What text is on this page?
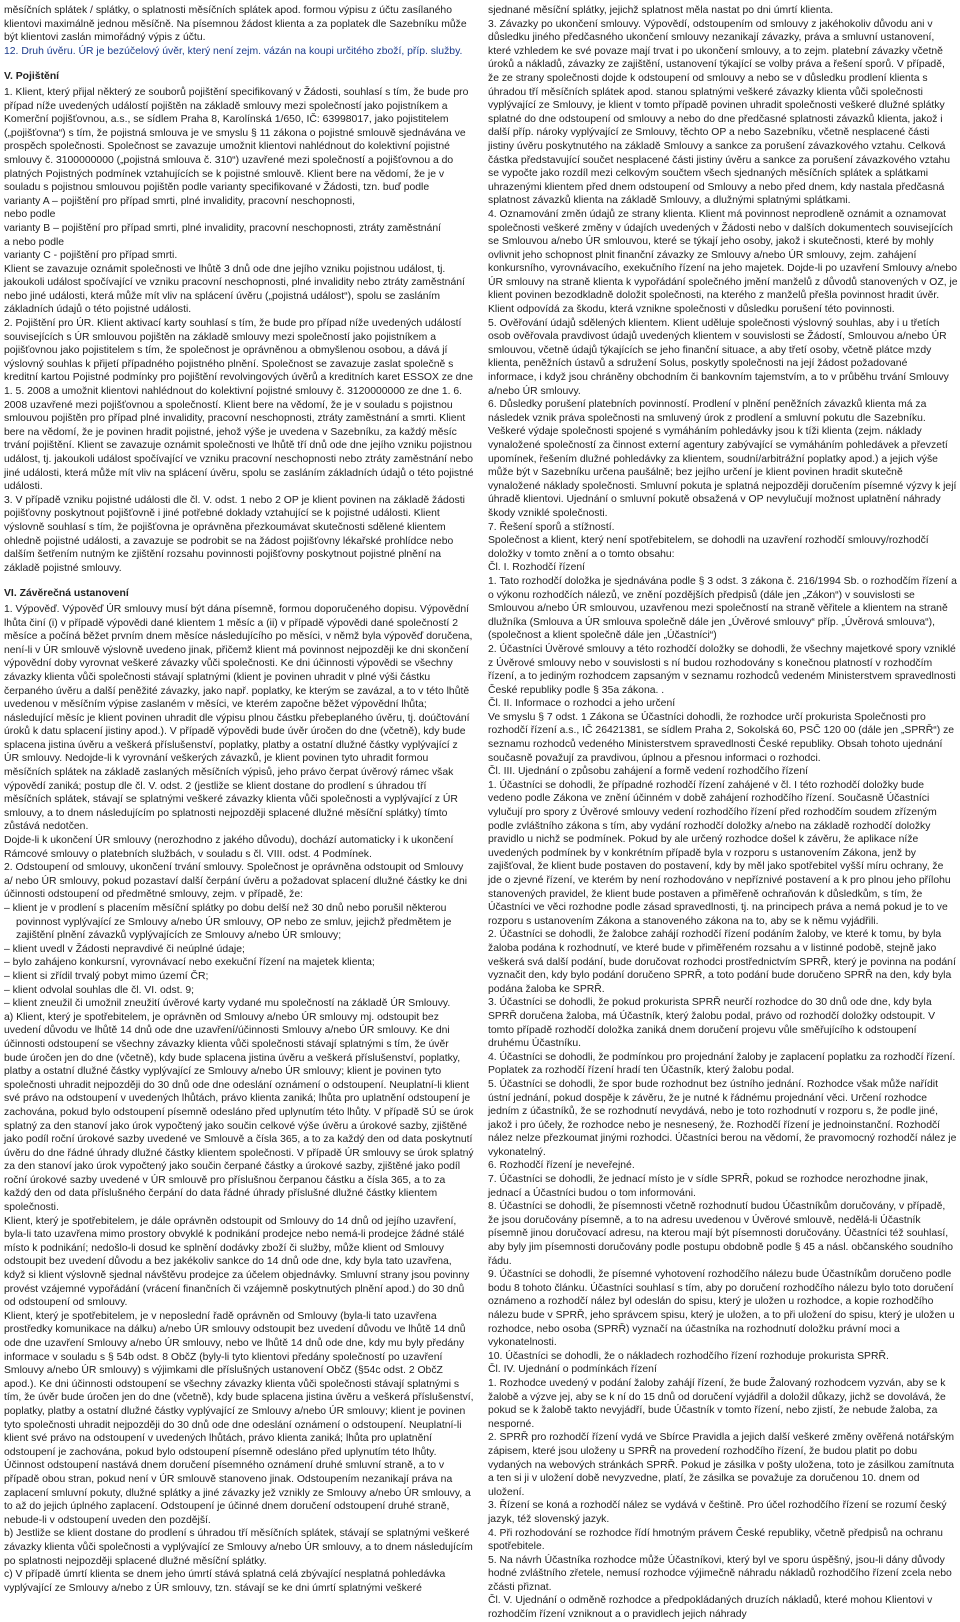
měsíčních splátek / splátky, o splatnosti měsíčních splátek apod. formou výpisu z účtu zasílaného klientovi maximálně jednou měsíčně. Na písemnou žádost klienta a za poplatek dle Sazebníku může být klientovi zaslán mimořádný výpis z účtu.

12. Druh úvěru. ÚR je bezúčelový úvěr, který není zejm. vázán na koupi určitého zboží, příp. služby.

V. Pojištění

1. Klient, který přijal některý ze souborů pojištění specifikovaný v Žádosti, souhlasí s tím, že bude pro případ níže uvedených událostí pojištěn na základě smlouvy mezi společností jako pojistníkem a Komerční pojišťovnou, a.s., se sídlem Praha 8, Karolínská 1/650, IČ: 63998017, jako pojistitelem („pojišťovna“) s tím, že pojistná smlouva je ve smyslu § 11 zákona o pojistné smlouvě sjednávána ve prospěch společnosti. Společnost se zavazuje umožnit klientovi nahlédnout do kolektivní pojistné smlouvy č. 3100000000 („pojistná smlouva č. 310“) uzavřené mezi společností a pojišťovnou a do platných Pojistných podmínek vztahujících se k pojistné smlouvě. Klient bere na vědomí, že je v souladu s pojistnou smlouvou pojištěn podle varianty specifikované v Žádosti, tzn. buď podle

varianty A – pojištění pro případ smrti, plné invalidity, pracovní neschopnosti,

nebo podle

varianty B – pojištění pro případ smrti, plné invalidity, pracovní neschopnosti, ztráty zaměstnání

a nebo podle

varianty C - pojištění pro případ smrti.

Klient se zavazuje oznámit společnosti ve lhůtě 3 dnů ode dne jejího vzniku pojistnou událost, tj. jakoukoli událost spočívající ve vzniku pracovní neschopnosti, plné invalidity nebo ztráty zaměstnání nebo jiné události, která může mít vliv na splácení úvěru („pojistná událost“), spolu se zasláním základních údajů o této pojistné události.

2. Pojištění pro ÚR. Klient aktivací karty souhlasí s tím, že bude pro případ níže uvedených událostí souvisejících s ÚR smlouvou pojištěn na základě smlouvy mezi společností jako pojistníkem a pojišťovnou jako pojistitelem s tím, že společnost je oprávněnou a obmyšlenou osobou, a dává jí výslovný souhlas k přijetí případného pojistného plnění. Společnost se zavazuje zaslat společně s kreditní kartou Pojistné podmínky pro pojištění revolvingových úvěrů a kreditních karet ESSOX ze dne 1. 5. 2008 a umožnit klientovi nahlédnout do kolektivní pojistné smlouvy č. 3120000000 ze dne 1. 6. 2008 uzavřené mezi pojišťovnou a společností. Klient bere na vědomí, že je v souladu s pojistnou smlouvou pojištěn pro případ plné invalidity, pracovní neschopnosti, ztráty zaměstnání a smrti. Klient bere na vědomí, že je povinen hradit pojistné, jehož výše je uvedena v Sazebníku, za každý měsíc trvání pojištění. Klient se zavazuje oznámit společnosti ve lhůtě tří dnů ode dne jejího vzniku pojistnou událost, tj. jakoukoli událost spočívající ve vzniku pracovní neschopnosti nebo ztráty zaměstnání nebo jiné události, která může mít vliv na splácení úvěru, spolu se zasláním základních údajů o této pojistné události.

3. V případě vzniku pojistné události dle čl. V. odst. 1 nebo 2 OP je klient povinen na základě žádosti pojišťovny poskytnout pojišťovně i jiné potřebné doklady vztahující se k pojistné události. Klient výslovně souhlasí s tím, že pojišťovna je oprávněna přezkoumávat skutečnosti sdělené klientem ohledně pojistné události, a zavazuje se podrobit se na žádost pojišťovny lékařské prohlídce nebo dalším šetřením nutným ke zjištění rozsahu povinnosti pojišťovny poskytnout pojistné plnění na základě pojistné smlouvy.

VI. Závěrečná ustanovení

1. Výpověď. Výpověď ÚR smlouvy musí být dána písemně, formou doporučeného dopisu. Výpovědní lhůta činí (i) v případě výpovědi dané klientem 1 měsíc a (ii) v případě výpovědi dané společností 2 měsíce a počíná běžet prvním dnem měsíce následujícího po měsíci, v němž byla výpověď doručena, není-li v ÚR smlouvě výslovně uvedeno jinak, přičemž klient má povinnost nejpozději ke dni skončení výpovědní doby vyrovnat veškeré závazky vůči společnosti. Ke dni účinnosti výpovědi se všechny závazky klienta vůči společnosti stávají splatnými (klient je povinen uhradit v plné výši částku čerpaného úvěru a další peněžité závazky, jako např. poplatky, ke kterým se zavázal, a to v této lhůtě uvedenou v měsíčním výpise zaslaném v měsíci, ve kterém započne běžet výpovědní lhůta; následující měsíc je klient povinen uhradit dle výpisu plnou částku přebeplaného úvěru, tj. doúčtování úroků k datu splacení jistiny apod.). V případě výpovědi bude úvěr úročen do dne (včetně), kdy bude splacena jistina úvěru a veškerá příslušenství, poplatky, platby a ostatní dlužné částky vyplývající z ÚR smlouvy. Nedojde-li k vyrovnání veškerých závazků, je klient povinen tyto uhradit formou měsíčních splátek na základě zaslaných měsíčních výpisů, jeho právo čerpat úvěrový rámec však výpovědí zaniká; postup dle čl. V. odst. 2 (jestliže se klient dostane do prodlení s úhradou tří měsíčních splátek, stávají se splatnými veškeré závazky klienta vůči společnosti a vyplývající z ÚR smlouvy, a to dnem následujícím po splatnosti nejpozději splacené dlužné měsíční splátky) tímto zůstává nedotčen.

Dojde-li k ukončení ÚR smlouvy (nerozhodno z jakého důvodu), dochází automaticky i k ukončení Rámcové smlouvy o platebních službách, v souladu s čl. VIII. odst. 4 Podmínek.

2. Odstoupení od smlouvy, ukončení trvání smlouvy. Společnost je oprávněna odstoupit od Smlouvy a/ nebo ÚR smlouvy, pokud pozastaví další čerpání úvěru a požadovat splacení dlužné částky ke dni účinnosti odstoupení od předmětné smlouvy, zejm. v případě, že:

– klient je v prodlení s placením měsíční splátky po dobu delší než 30 dnů nebo porušil některou povinnost vyplývající ze Smlouvy a/nebo ÚR smlouvy, OP nebo ze smluv, jejichž předmětem je zajištění plnění závazků vyplývajících ze Smlouvy a/nebo ÚR smlouvy;

– klient uvedl v Žádosti nepravdivé či neúplné údaje;

– bylo zahájeno konkursní, vyrovnávací nebo exekuční řízení na majetek klienta;

– klient si zřídil trvalý pobyt mimo území ČR;

– klient odvolal souhlas dle čl. VI. odst. 9;

– klient zneužil či umožnil zneužití úvěrové karty vydané mu společností na základě ÚR Smlouvy.

a) Klient, který je spotřebitelem, je oprávněn od Smlouvy a/nebo ÚR smlouvy mj. odstoupit bez uvedení důvodu ve lhůtě 14 dnů ode dne uzavření/účinnosti Smlouvy a/nebo ÚR smlouvy. Ke dni účinnosti odstoupení se všechny závazky klienta vůči společnosti stávají splatnými s tím, že úvěr bude úročen jen do dne (včetně), kdy bude splacena jistina úvěru a veškerá příslušenství, poplatky, platby a ostatní dlužné částky vyplývající ze Smlouvy a/nebo ÚR smlouvy; klient je povinen tyto společnosti uhradit nejpozději do 30 dnů ode dne odeslání oznámení o odstoupení. Neuplatní-li klient své právo na odstoupení v uvedených lhůtách, právo klienta zaniká; lhůta pro uplatnění odstoupení je zachována, pokud bylo odstoupení písemně odesláno před uplynutím této lhůty. V případě SÚ se úrok splatný za den stanoví jako úrok vypočtený jako součin celkové výše úvěru a úrokové sazby, zjištěné jako podíl roční úrokové sazby uvedené ve Smlouvě a čísla 365, a to za každý den od data poskytnutí úvěru do dne řádné úhrady dlužné částky klientem společnosti. V případě ÚR smlouvy se úrok splatný za den stanoví jako úrok vypočtený jako součin čerpané částky a úrokové sazby, zjištěné jako podíl roční úrokové sazby uvedené v ÚR smlouvě pro příslušnou čerpanou částku a čísla 365, a to za každý den od data příslušného čerpání do data řádné úhrady příslušné dlužné částky klientem společnosti.

Klient, který je spotřebitelem, je dále oprávněn odstoupit od Smlouvy do 14 dnů od jejího uzavření, byla-li tato uzavřena mimo prostory obvyklé k podnikání prodejce nebo nemá-li prodejce žádné stálé místo k podnikání; nedošlo-li dosud ke splnění dodávky zboží či služby, může klient od Smlouvy odstoupit bez uvedení důvodu a bez jakékoliv sankce do 14 dnů ode dne, kdy byla tato uzavřena, když si klient výslovně sjednal návštěvu prodejce za účelem objednávky. Smluvní strany jsou povinny provést vzájemné vypořádání (vrácení finančních či vzájemně poskytnutých plnění apod.) do 30 dnů od odstoupení od smlouvy.

Klient, který je spotřebitelem, je v neposlední řadě oprávněn od Smlouvy (byla-li tato uzavřena prostředky komunikace na dálku) a/nebo ÚR smlouvy odstoupit bez uvedení důvodu ve lhůtě 14 dnů ode dne uzavření Smlouvy a/nebo ÚR smlouvy, nebo ve lhůtě 14 dnů ode dne, kdy mu byly předány informace v souladu s § 54b odst. 8 ObčZ (byly-li tyto klientovi předány společností po uzavření Smlouvy a/nebo ÚR smlouvy) s výjimkami dle příslušných ustanovení ObčZ (§54c odst. 2 ObčZ apod.). Ke dni účinnosti odstoupení se všechny závazky klienta vůči společnosti stávají splatnými s tím, že úvěr bude úročen jen do dne (včetně), kdy bude splacena jistina úvěru a veškerá příslušenství, poplatky, platby a ostatní dlužné částky vyplývající ze Smlouvy a/nebo ÚR smlouvy; klient je povinen tyto společnosti uhradit nejpozději do 30 dnů ode dne odeslání oznámení o odstoupení. Neuplatní-li klient své právo na odstoupení v uvedených lhůtách, právo klienta zaniká; lhůta pro uplatnění odstoupení je zachována, pokud bylo odstoupení písemně odesláno před uplynutím této lhůty.

Účinnost odstoupení nastává dnem doručení písemného oznámení druhé smluvní straně, a to v případě obou stran, pokud není v ÚR smlouvě stanoveno jinak. Odstoupením nezanikají práva na zaplacení smluvní pokuty, dlužné splátky a jiné závazky jež vznikly ze Smlouvy a/nebo ÚR smlouvy, a to až do jejich úplného zaplacení. Odstoupení je účinné dnem doručení odstoupení druhé straně, nebude-li v odstoupení uveden den pozdější.

b) Jestliže se klient dostane do prodlení s úhradou tří měsíčních splátek, stávají se splatnými veškeré závazky klienta vůči společnosti a vyplývající ze Smlouvy a/nebo ÚR smlouvy, a to dnem následujícím po splatnosti nejpozději splacené dlužné měsíční splátky.

c) V případě úmrtí klienta se dnem jeho úmrtí stává splatná celá zbývající nesplatná pohledávka vyplývající ze Smlouvy a/nebo z ÚR smlouvy, tzn. stávají se ke dni úmrtí splatnými veškeré

sjednané měsíční splátky, jejichž splatnost měla nastat po dni úmrtí klienta.

3. Závazky po ukončení smlouvy. Výpovědí, odstoupením od smlouvy z jakéhokoliv důvodu ani v důsledku jiného předčasného ukončení smlouvy nezanikají závazky, práva a smluvní ustanovení, které vzhledem ke své povaze mají trvat i po ukončení smlouvy, a to zejm. platební závazky včetně úroků a nákladů, závazky ze zajištění, ustanovení týkající se volby práva a řešení sporů. V případě, že ze strany společnosti dojde k odstoupení od smlouvy a nebo se v důsledku prodlení klienta s úhradou tří měsíčních splátek apod. stanou splatnými veškeré závazky klienta vůči společnosti vyplývající ze Smlouvy, je klient v tomto případě povinen uhradit společnosti veškeré dlužné splátky splatné do dne odstoupení od smlouvy a nebo do dne předčasné splatnosti závazků klienta, jakož i další příp. nároky vyplývající ze Smlouvy, těchto OP a nebo Sazebníku, včetně nesplacené části jistiny úvěru poskytnutého na základě Smlouvy a sankce za porušení závazkového vztahu. Celková částka představující součet nesplacené části jistiny úvěru a sankce za porušení závazkového vztahu se vypočte jako rozdíl mezi celkovým součtem všech sjednaných měsíčních splátek a splátkami uhrazenými klientem před dnem odstoupení od Smlouvy a nebo před dnem, kdy nastala předčasná splatnost závazků klienta na základě Smlouvy, a dlužnými splatnými splátkami.

4. Oznamování změn údajů ze strany klienta. Klient má povinnost neprodleně oznámit a oznamovat společnosti veškeré změny v údajích uvedených v Žádosti nebo v dalších dokumentech souvisejících se Smlouvou a/nebo ÚR smlouvou, které se týkají jeho osoby, jakož i skutečnosti, které by mohly ovlivnit jeho schopnost plnit finanční závazky ze Smlouvy a/nebo ÚR smlouvy, zejm. zahájení konkursního, vyrovnávacího, exekučního řízení na jeho majetek. Dojde-li po uzavření Smlouvy a/nebo ÚR smlouvy na straně klienta k vypořádání společného jmění manželů z důvodů stanovených v OZ, je klient povinen bezodkladně doložit společnosti, na kterého z manželů přešla povinnost hradit úvěr. Klient odpovídá za škodu, která vznikne společnosti v důsledku porušení této povinnosti.

5. Ověřování údajů sdělených klientem. Klient uděluje společnosti výslovný souhlas, aby i u třetích osob ověřovala pravdivost údajů uvedených klientem v souvislosti se Žádostí, Smlouvou a/nebo ÚR smlouvou, včetně údajů týkajících se jeho finanční situace, a aby třetí osoby, včetně plátce mzdy klienta, peněžních ústavů a sdružení Solus, poskytly společnosti na její žádost požadované informace, i když jsou chráněny obchodním či bankovním tajemstvím, a to v průběhu trvání Smlouvy a/nebo ÚR smlouvy.

6. Důsledky porušení platebních povinností. Prodlení v plnění peněžních závazků klienta má za následek vznik práva společnosti na smluvený úrok z prodlení a smluvní pokutu dle Sazebníku. Veškeré výdaje společnosti spojené s vymáháním pohledávky jsou k tíži klienta (zejm. náklady vynaložené společností za činnost externí agentury zabývající se vymáháním pohledávek a převzetí upomínek, řešením dlužné pohledávky za klientem, soudní/arbitrážní poplatky apod.) a jejich výše může být v Sazebníku určena paušálně; bez jejího určení je klient povinen hradit skutečně vynaložené náklady společnosti. Smluvní pokuta je splatná nejpozději doručením písemné výzvy k její úhradě klientovi. Ujednání o smluvní pokutě obsažená v OP nevylučují možnost uplatnění náhrady škody vzniklé společnosti.

7. Řešení sporů a stížností.

Společnost a klient, který není spotřebitelem, se dohodli na uzavření rozhodčí smlouvy/rozhodčí doložky v tomto znění a o tomto obsahu:

Čl. I. Rozhodčí řízení

1. Tato rozhodčí doložka je sjednávána podle § 3 odst. 3 zákona č. 216/1994 Sb. o rozhodčím řízení a o výkonu rozhodčích nálezů, ve znění pozdějších předpisů (dále jen „Zákon“) v souvislosti se Smlouvou a/nebo ÚR smlouvou, uzavřenou mezi společností na straně věřitele a klientem na straně dlužníka (Smlouva a ÚR smlouva společně dále jen „Úvěrové smlouvy“ příp. „Úvěrová smlouva“), (společnost a klient společně dále jen „Účastníci“)

2. Účastníci Úvěrové smlouvy a této rozhodčí doložky se dohodli, že všechny majetkové spory vzniklé z Úvěrové smlouvy nebo v souvislosti s ní budou rozhodovány s konečnou platností v rozhodčím řízení, a to jediným rozhodcem zapsaným v seznamu rozhodců vedeném Ministerstvem spravedlnosti České republiky podle § 35a zákona. .

Čl. II. Informace o rozhodci a jeho určení

Ve smyslu § 7 odst. 1 Zákona se Účastníci dohodli, že rozhodce určí prokurista Společnosti pro rozhodčí řízení a.s., IČ 26421381, se sídlem Praha 2, Sokolská 60, PSČ 120 00 (dále jen „SPRŘ“) ze seznamu rozhodců vedeného Ministerstvem spravedlnosti České republiky. Obsah tohoto ujednání současně považují za pravdivou, úplnou a přesnou informaci o rozhodci.

Čl. III. Ujednání o způsobu zahájení a formě vedení rozhodčího řízení

1. Účastníci se dohodli, že případné rozhodčí řízení zahájené v čl. I této rozhodčí doložky bude vedeno podle Zákona ve znění účinném v době zahájení rozhodčího řízení. Současně Účastníci vylučují pro spory z Úvěrové smlouvy vedení rozhodčího řízení před rozhodčím soudem zřízeným podle zvláštního zákona s tím, aby vydání rozhodčí doložky a/nebo na základě rozhodčí doložky pravidlo u nichž se podmínek. Pokud by ale určený rozhodce došel k závěru, že aplikace níže uvedených podmínek by v konkrétním případě byla v rozporu s ustanovením Zákona, jenž by zajišťoval, že klient bude postaven do postavení, kdy by měl jako spotřebitel vyšší míru ochrany, že jde o zjevné řízení, ve kterém by není rozhodováno v nepříznivé postavení a k pro plnou jeho přílohu stanovených pravidel, že klient bude postaven a přiměřeně ochraňován k důsledkům, s tím, že Účastníci ve věci rozhodne podle zásad spravedlnosti, tj. na principech práva a nemá pokud je to ve rozporu s ustanovením Zákona a stanoveného zákona na to, aby se k němu vyjádřili.

2. Účastníci se dohodli, že žalobce zahájí rozhodčí řízení podáním žaloby, ve které k tomu, by byla žaloba podána k rozhodnutí, ve které bude v přiměřeném rozsahu a v listinné podobě, stejně jako veškerá svá další podání, bude doručovat rozhodci prostřednictvím SPRŘ, který je povinna na podání vyznačit den, kdy bylo podání doručeno SPRŘ, a toto podání bude doručeno SPRŘ na den, kdy byla podána žaloba ke SPRŘ.

3. Účastníci se dohodli, že pokud prokurista SPRŘ neurčí rozhodce do 30 dnů ode dne, kdy byla SPRŘ doručena žaloba, má Účastník, který žalobu podal, právo od rozhodčí doložky odstoupit. V tomto případě rozhodčí doložka zaniká dnem doručení projevu vůle směřujícího k odstoupení druhému Účastníku.

4. Účastníci se dohodli, že podmínkou pro projednání žaloby je zaplacení poplatku za rozhodčí řízení. Poplatek za rozhodčí řízení hradí ten Účastník, který žalobu podal.

5. Účastníci se dohodli, že spor bude rozhodnut bez ústního jednání. Rozhodce však může nařídit ústní jednání, pokud dospěje k závěru, že je nutné k řádnému projednání věci. Určení rozhodce jedním z účastníků, že se rozhodnutí nevydává, nebo je toto rozhodnutí v rozporu s, že podle jiné, jakož i pro účely, že rozhodce nebo je nesnesený, že. Rozhodčí řízení je jednoinstanční. Rozhodčí nález nelze přezkoumat jinými rozhodci. Účastníci berou na vědomí, že pravomocný rozhodčí nález je vykonatelný.

6. Rozhodčí řízení je neveřejné.

7. Účastníci se dohodli, že jednací místo je v sídle SPRŘ, pokud se rozhodce nerozhodne jinak, jednací a Účastníci budou o tom informováni.

8. Účastníci se dohodli, že písemnosti včetně rozhodnutí budou Účastníkům doručovány, v případě, že jsou doručovány písemně, a to na adresu uvedenou v Úvěrové smlouvě, nedělá-li Účastník písemně jinou doručovací adresu, na kterou mají být písemnosti doručovány. Účastníci též souhlasí, aby byly jim písemnosti doručovány podle postupu obdobně podle § 45 a násl. občanského soudního řádu.

9. Účastníci se dohodli, že písemné vyhotovení rozhodčího nálezu bude Účastníkům doručeno podle bodu 8 tohoto článku. Účastníci souhlasí s tím, aby po doručení rozhodčího nálezu bylo toto doručení oznámeno a rozhodčí nález byl odeslán do spisu, který je uložen u rozhodce, a kopie rozhodčího nálezu bude v SPRŘ, jeho správcem spisu, který je uložen, a to při uložení do spisu, který je uložen u rozhodce, nebo osoba (SPRŘ) vyznačí na účastníka na rozhodnutí doložku právní moci a vykonatelnosti.

10. Účastníci se dohodli, že o nákladech rozhodčího řízení rozhoduje prokurista SPRŘ.

Čl. IV. Ujednání o podmínkách řízení

1. Rozhodce uvedený v podání žaloby zahájí řízení, že bude Žalovaný rozhodcem vyzván, aby se k žalobě a výzve jej, aby se k ní do 15 dnů od doručení vyjádřil a doložil důkazy, jichž se dovolává, že pokud se k žalobě takto nevyjádří, bude Účastník v tomto řízení, nebo zjistí, že nebude žaloba, za nesporné.

2. SPRŘ pro rozhodčí řízení vydá ve Sbírce Pravidla a jejich další veškeré změny ověřená notářským zápisem, které jsou uloženy u SPRŘ na provedení rozhodčího řízení, že budou platit po dobu vydaných na webových stránkách SPRŘ. Pokud je zásilka v pošty uložena, toto je zásilkou zamítnuta a ten si ji v uložení době nevyzvedne, platí, že zásilka se považuje za doručenou 10. dnem od uložení.

3. Řízení se koná a rozhodčí nález se vydává v češtině. Pro účel rozhodčího řízení se rozumí český jazyk, též slovenský jazyk.

4. Při rozhodování se rozhodce řídí hmotným právem České republiky, včetně předpisů na ochranu spotřebitele.

5. Na návrh Účastníka rozhodce může Účastníkovi, který byl ve sporu úspěšný, jsou-li dány důvody hodné zvláštního zřetele, nemusí rozhodce výjimečně náhradu nákladů rozhodčího řízení zcela nebo zčásti přiznat.

Čl. V. Ujednání o odměně rozhodce a předpokládaných druzích nákladů, které mohou Klientovi v rozhodčím řízení vzniknout a o pravidlech jejich náhrady
